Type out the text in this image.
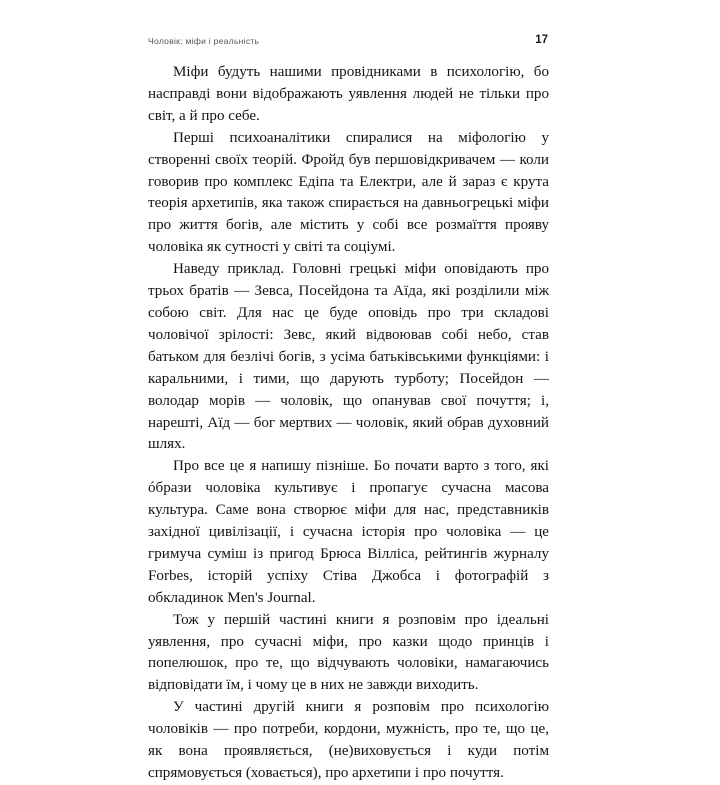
Чоловік: міфи і реальність	17

Міфи будуть нашими провідниками в психологію, бо насправді вони відображають уявлення людей не тільки про світ, а й про себе.

Перші психоаналітики спиралися на міфологію у створенні своїх теорій. Фройд був першовідкривачем — коли говорив про комплекс Едіпа та Електри, але й зараз є крута теорія архетипів, яка також спирається на давньогрецькі міфи про життя богів, але містить у собі все розмаїття прояву чоловіка як сутності у світі та соціумі.

Наведу приклад. Головні грецькі міфи оповідають про трьох братів — Зевса, Посейдона та Аїда, які розділили між собою світ. Для нас це буде оповідь про три складові чоловічої зрілості: Зевс, який відвоював собі небо, став батьком для безлічі богів, з усіма батьківськими функціями: і каральними, і тими, що дарують турботу; Посейдон — володар морів — чоловік, що опанував свої почуття; і, нарешті, Аїд — бог мертвих — чоловік, який обрав духовний шлях.

Про все це я напишу пізніше. Бо почати варто з того, які óбрази чоловіка культивує і пропагує сучасна масова культура. Саме вона створює міфи для нас, представників західної цивілізації, і сучасна історія про чоловіка — це гримуча суміш із пригод Брюса Вілліса, рейтингів журналу Forbes, історій успіху Стіва Джобса і фотографій з обкладинок Men's Journal.

Тож у першій частині книги я розповім про ідеальні уявлення, про сучасні міфи, про казки щодо принців і попелюшок, про те, що відчувають чоловіки, намагаючись відповідати їм, і чому це в них не завжди виходить.

У частині другій книги я розповім про психологію чоловіків — про потреби, кордони, мужність, про те, що це, як вона проявляється, (не)виховується і куди потім спрямовується (ховається), про архетипи і про почуття.
